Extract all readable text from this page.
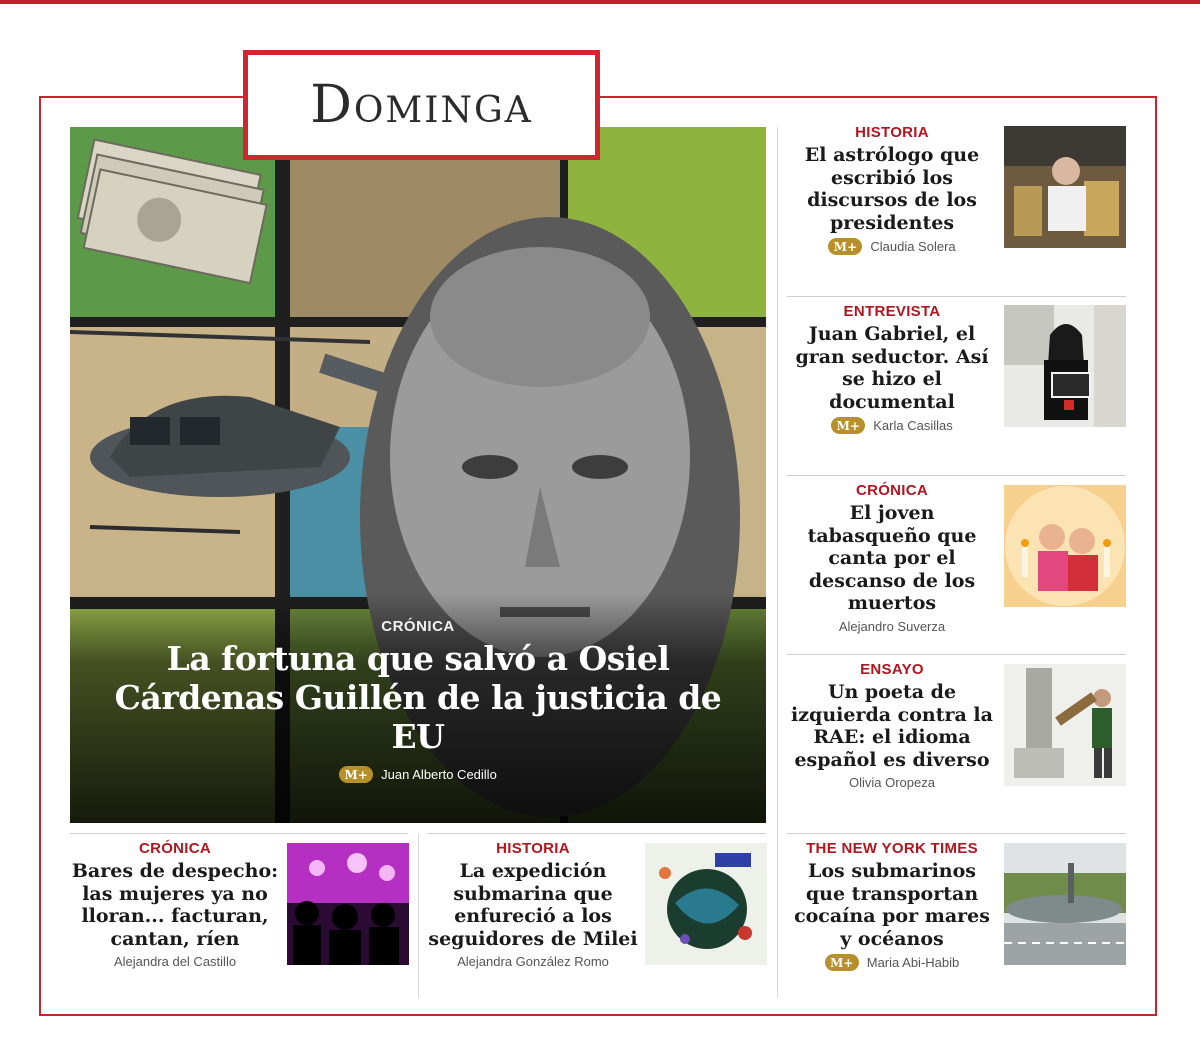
Dominga
CRÓNICA
La fortuna que salvó a Osiel Cárdenas Guillén de la justicia de EU
M+	Juan Alberto Cedillo
HISTORIA
El astrólogo que escribió los discursos de los presidentes
M+	Claudia Solera
ENTREVISTA
Juan Gabriel, el gran seductor. Así se hizo el documental
M+	Karla Casillas
CRÓNICA
El joven tabasqueño que canta por el descanso de los muertos
Alejandro Suverza
ENSAYO
Un poeta de izquierda contra la RAE: el idioma español es diverso
Olivia Oropeza
CRÓNICA
Bares de despecho: las mujeres ya no lloran... facturan, cantan, ríen
Alejandra del Castillo
HISTORIA
La expedición submarina que enfureció a los seguidores de Milei
Alejandra González Romo
THE NEW YORK TIMES
Los submarinos que transportan cocaína por mares y océanos
M+	Maria Abi-Habib
